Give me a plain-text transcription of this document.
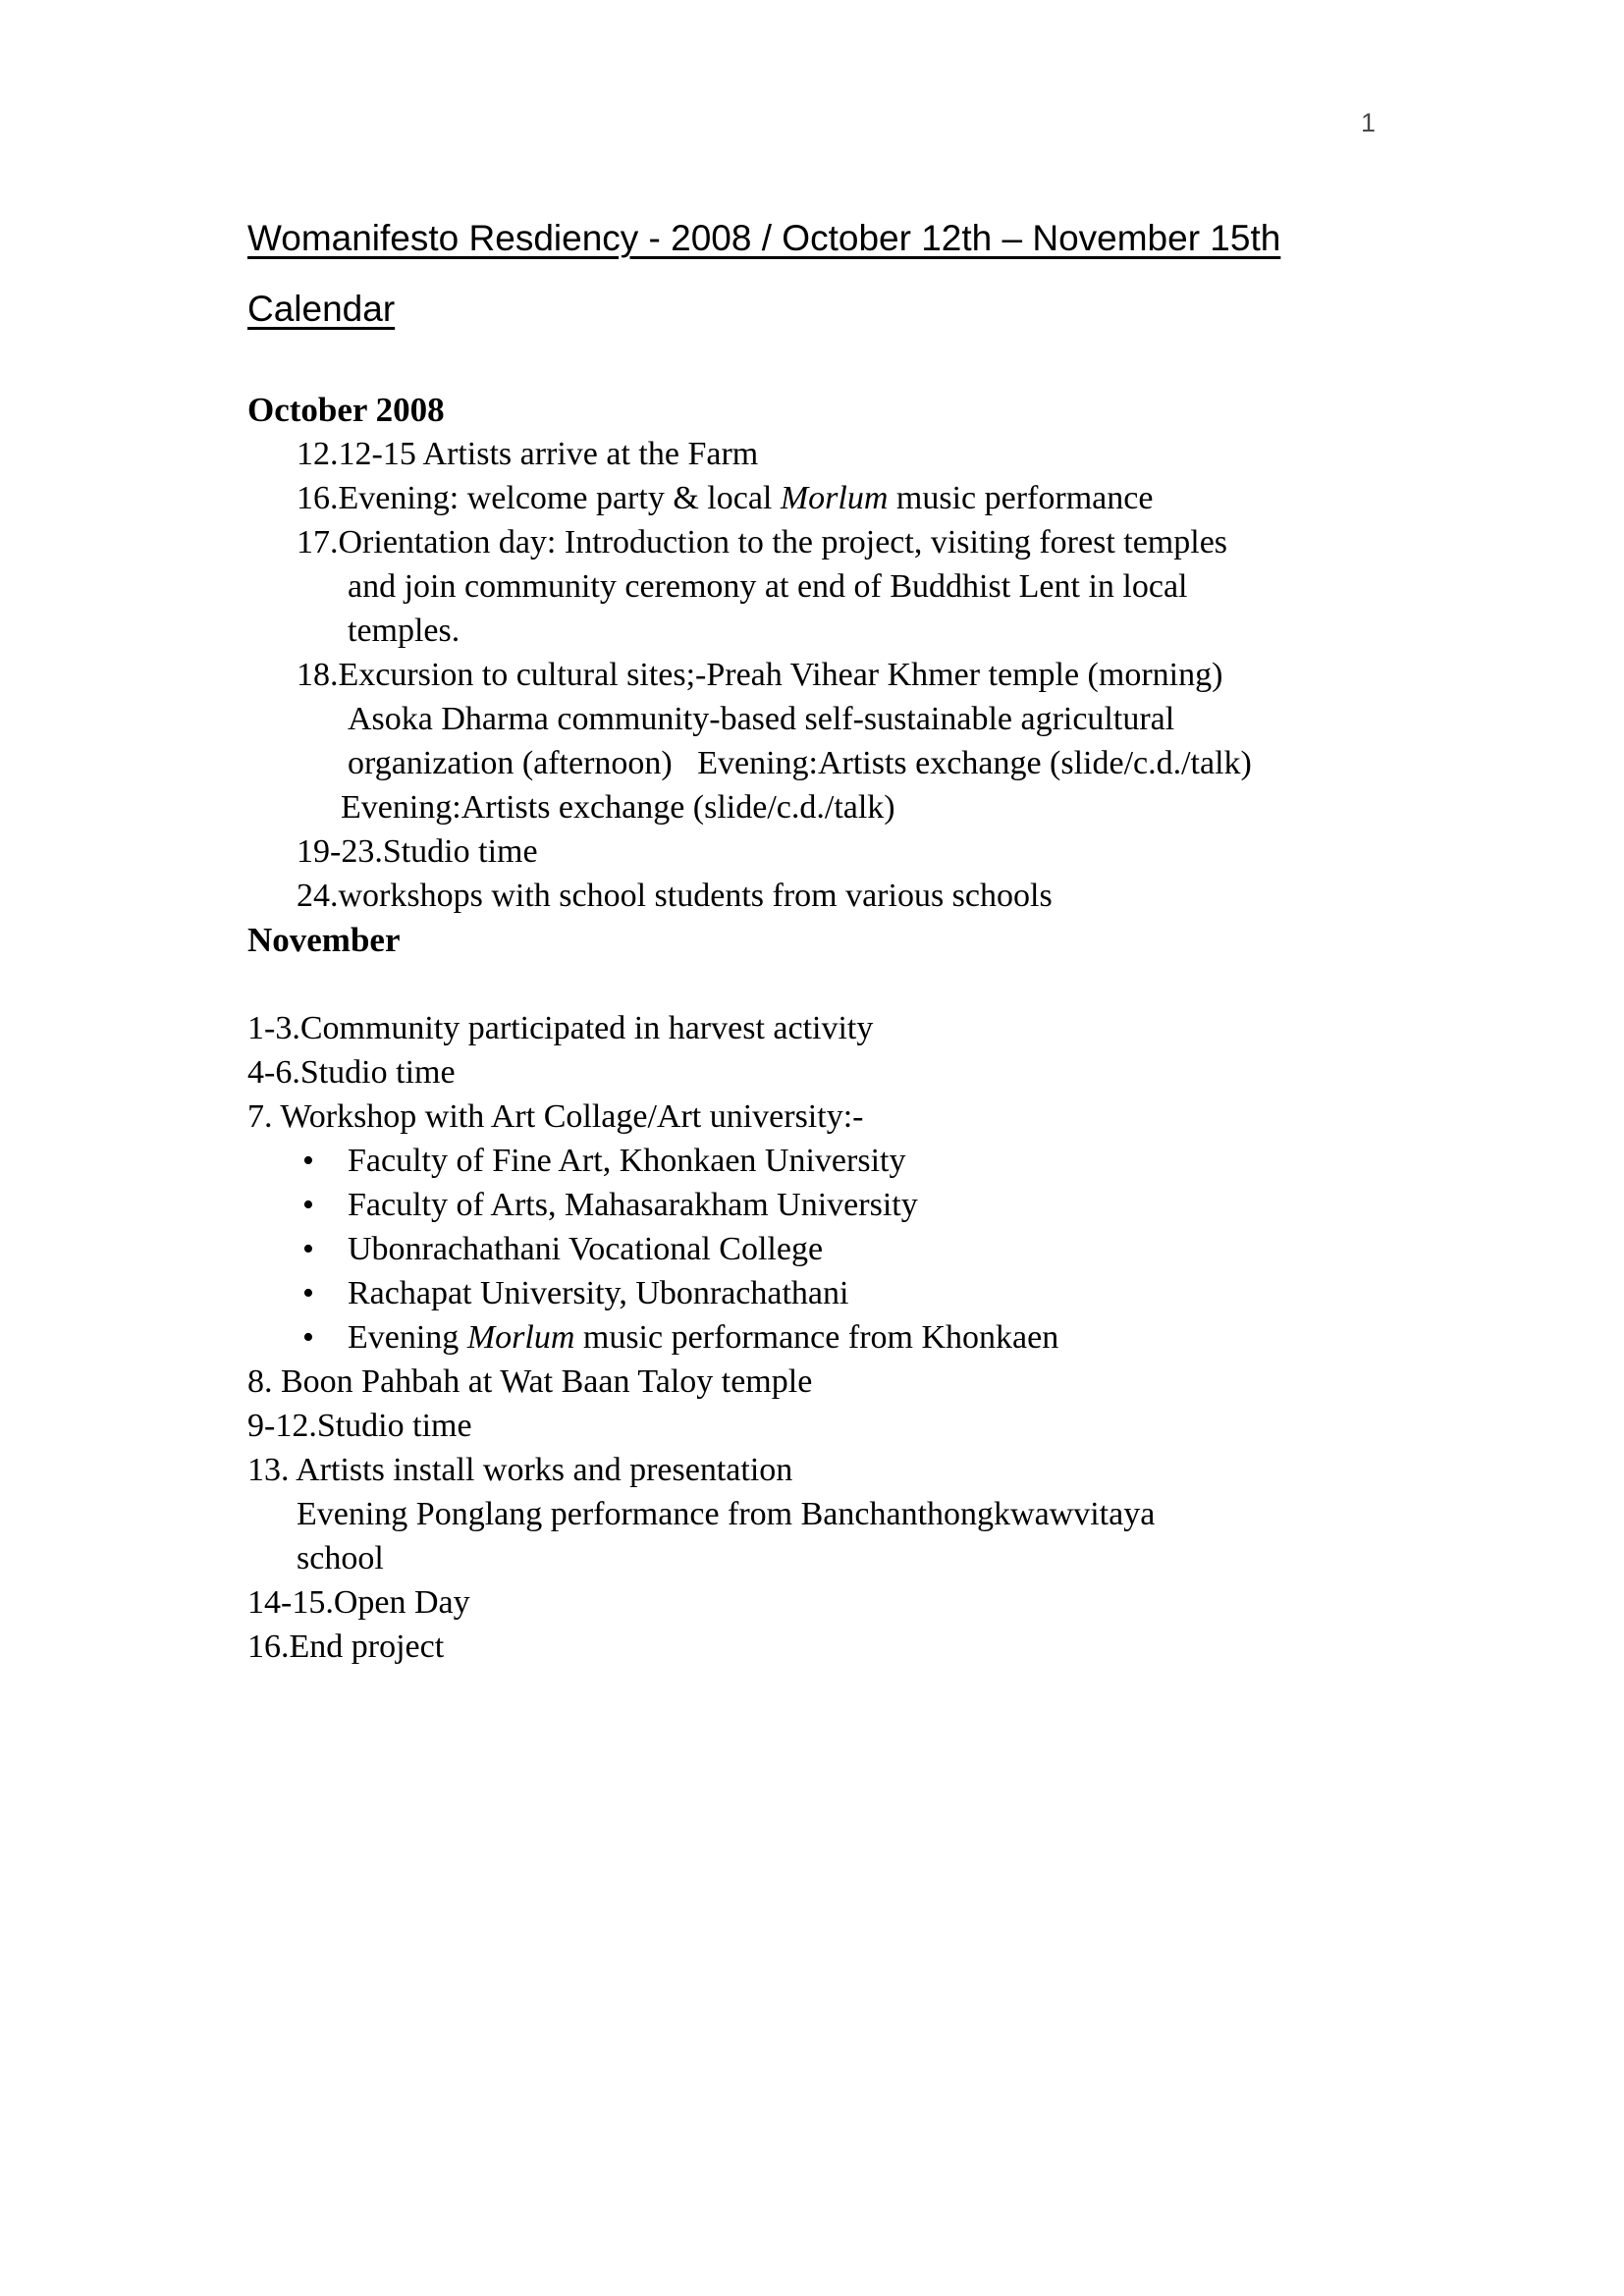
1
Womanifesto Resdiency - 2008 / October 12th – November 15th
Calendar
October 2008
12.12-15 Artists arrive at the Farm
16.Evening: welcome party & local Morlum music performance
17.Orientation day: Introduction to the project, visiting forest temples
and join community ceremony at end of Buddhist Lent in local
temples.
18.Excursion to cultural sites;-Preah Vihear Khmer temple (morning)
Asoka Dharma community-based self-sustainable agricultural
organization (afternoon)   Evening:Artists exchange (slide/c.d./talk)
Evening:Artists exchange (slide/c.d./talk)
19-23.Studio time
24.workshops with school students from various schools
November
1-3.Community participated in harvest activity
4-6.Studio time
7. Workshop with Art Collage/Art university:-
• Faculty of Fine Art, Khonkaen University
• Faculty of Arts, Mahasarakham University
• Ubonrachathani Vocational College
• Rachapat University, Ubonrachathani
• Evening Morlum music performance from Khonkaen
8. Boon Pahbah at Wat Baan Taloy temple
9-12.Studio time
13. Artists install works and presentation
Evening Ponglang performance from Banchanthongkwawvitaya
school
14-15.Open Day
16.End project
